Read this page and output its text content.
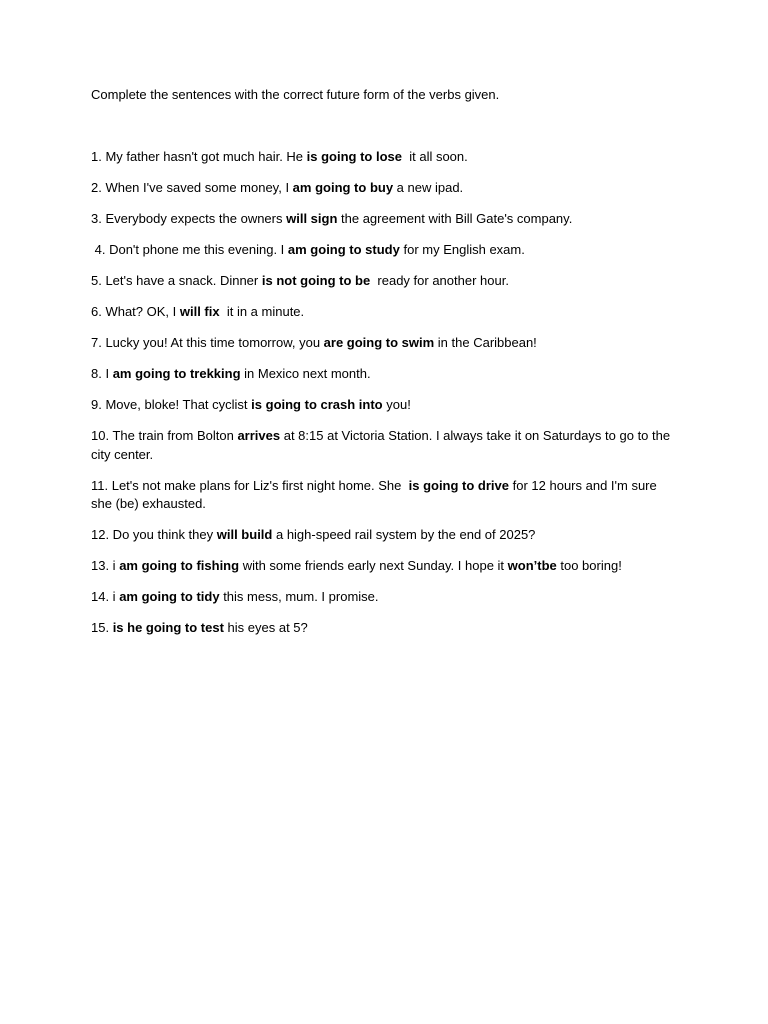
Complete the sentences with the correct future form of the verbs given.
1. My father hasn't got much hair. He is going to lose  it all soon.
2. When I've saved some money, I am going to buy a new ipad.
3. Everybody expects the owners will sign the agreement with Bill Gate's company.
4. Don't phone me this evening. I am going to study for my English exam.
5. Let's have a snack. Dinner is not going to be  ready for another hour.
6. What? OK, I will fix  it in a minute.
7. Lucky you! At this time tomorrow, you are going to swim in the Caribbean!
8. I am going to trekking in Mexico next month.
9. Move, bloke! That cyclist is going to crash into you!
10. The train from Bolton arrives at 8:15 at Victoria Station. I always take it on Saturdays to go to the city center.
11. Let's not make plans for Liz's first night home. She  is going to drive for 12 hours and I'm sure she (be) exhausted.
12. Do you think they will build a high-speed rail system by the end of 2025?
13. i am going to fishing with some friends early next Sunday. I hope it won’tbe too boring!
14. i am going to tidy this mess, mum. I promise.
15. is he going to test his eyes at 5?
